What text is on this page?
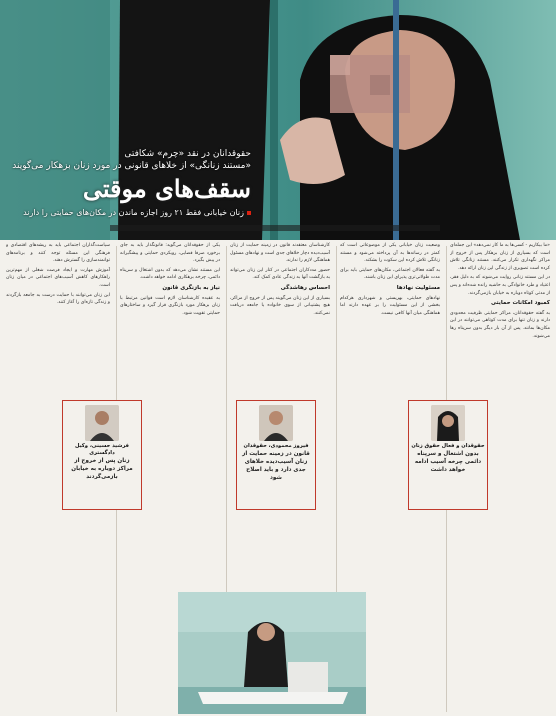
حقوقدانان در نقد «چرم» شکافتی
«مستند زنانگی» از خلاهای قانونی در مورد زنان بزهکار می‌گویند
سقف‌های موقتی
زنان خیابانی فقط ۲۱ روز اجازه ماندن در مکان‌های حمایتی را دارند

«ما بیکاریم - کسی‌ها به ما کار نمی‌دهد» این جمله‌ای است که بسیاری از زنان بزهکار پس از خروج از مراکز نگهداری تکرار می‌کنند. مستند زنانگی تلاش کرده است تصویری از زندگی این زنان ارائه دهد.

در این مستند زنانی روایت می‌شوند که به دلیل فقر، اعتیاد و طرد خانوادگی به حاشیه رانده شده‌اند و پس از مدتی کوتاه دوباره به خیابان بازمی‌گردند.

کمبود امکانات حمایتی

به گفته حقوقدانان، مراکز حمایتی ظرفیت محدودی دارند و زنان تنها برای مدت کوتاهی می‌توانند در این مکان‌ها بمانند. پس از آن بار دیگر بدون سرپناه رها می‌شوند.

وضعیت زنان خیابانی یکی از موضوعاتی است که کمتر در رسانه‌ها به آن پرداخته می‌شود و مستند زنانگی تلاش کرده این سکوت را بشکند.

به گفته فعالان اجتماعی، مکان‌های حمایتی باید برای مدت طولانی‌تری پذیرای این زنان باشند.

مسئولیت نهادها

نهادهای حمایتی، بهزیستی و شهرداری هرکدام بخشی از این مسئولیت را بر عهده دارند اما هماهنگی میان آنها کافی نیست.

کارشناسان معتقدند قانون در زمینه حمایت از زنان آسیب‌دیده دچار خلاهای جدی است و نهادهای مسئول هماهنگی لازم را ندارند.

حضور مددکاران اجتماعی در کنار این زنان می‌تواند به بازگشت آنها به زندگی عادی کمک کند.

احساس رهاشدگی

بسیاری از این زنان می‌گویند پس از خروج از مراکز، هیچ پشتیبانی از سوی خانواده یا جامعه دریافت نمی‌کنند.

یکی از حقوقدانان می‌گوید: قانونگذار باید به جای برخورد صرفا قضایی، رویکردی حمایتی و پیشگیرانه در پیش بگیرد.

این مستند نشان می‌دهد که بدون اشتغال و سرپناه دائمی، چرخه بزهکاری ادامه خواهد داشت.

نیاز به بازنگری قانون

به عقیده کارشناسان لازم است قوانین مرتبط با زنان بزهکار مورد بازنگری قرار گیرد و ساختارهای حمایتی تقویت شود.

سیاست‌گذاران اجتماعی باید به ریشه‌های اقتصادی و فرهنگی این مسئله توجه کنند و برنامه‌های توانمندسازی را گسترش دهند.

آموزش مهارت و ایجاد فرصت شغلی از مهم‌ترین راهکارهای کاهش آسیب‌های اجتماعی در میان زنان است.

این زنان می‌توانند با حمایت درست به جامعه بازگردند و زندگی تازه‌ای را آغاز کنند.

فیروز محمودی، حقوقدان
قانون در زمینه حمایت از زنان آسیب‌دیده خلاهای جدی دارد و باید اصلاح شود
فرشید حسینی، وکیل دادگستری
زنان پس از خروج از مراکز دوباره به خیابان بازمی‌گردند
حقوقدان و فعال حقوق زنان
بدون اشتغال و سرپناه دائمی چرخه آسیب ادامه خواهد داشت
